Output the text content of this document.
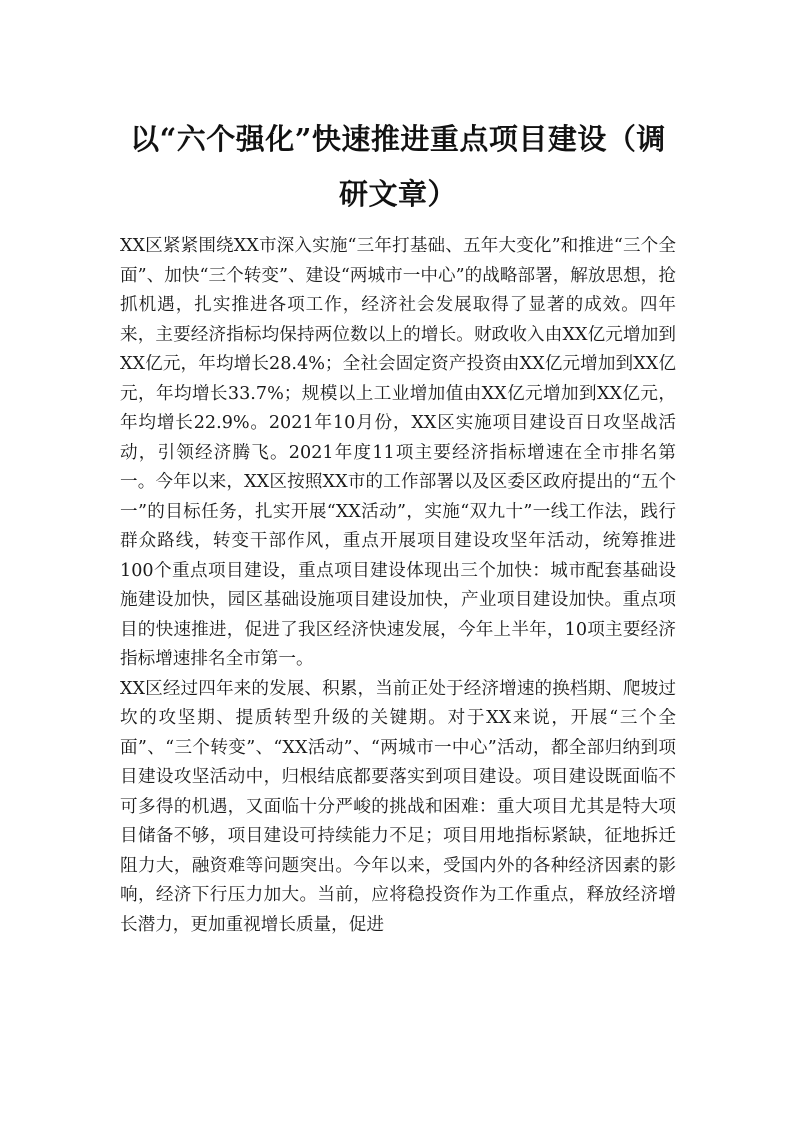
以“六个强化”快速推进重点项目建设（调研文章）

XX区紧紧围绕XX市深入实施“三年打基础、五年大变化”和推进“三个全面”、加快“三个转变”、建设“两城市一中心”的战略部署，解放思想，抢抓机遇，扎实推进各项工作，经济社会发展取得了显著的成效。四年来，主要经济指标均保持两位数以上的增长。财政收入由XX亿元增加到XX亿元，年均增长28.4%；全社会固定资产投资由XX亿元增加到XX亿元，年均增长33.7%；规模以上工业增加值由XX亿元增加到XX亿元，年均增长22.9%。2021年10月份，XX区实施项目建设百日攻坚战活动，引领经济腾飞。2021年度11项主要经济指标增速在全市排名第一。今年以来，XX区按照XX市的工作部署以及区委区政府提出的“五个一”的目标任务，扎实开展“XX活动”，实施“双九十”一线工作法，践行群众路线，转变干部作风，重点开展项目建设攻坚年活动，统筹推进100个重点项目建设，重点项目建设体现出三个加快：城市配套基础设施建设加快，园区基础设施项目建设加快，产业项目建设加快。重点项目的快速推进，促进了我区经济快速发展，今年上半年，10项主要经济指标增速排名全市第一。

XX区经过四年来的发展、积累，当前正处于经济增速的换档期、爬坡过坎的攻坚期、提质转型升级的关键期。对于XX来说，开展“三个全面”、“三个转变”、“XX活动”、“两城市一中心”活动，都全部归纳到项目建设攻坚活动中，归根结底都要落实到项目建设。项目建设既面临不可多得的机遇，又面临十分严峻的挑战和困难：重大项目尤其是特大项目储备不够，项目建设可持续能力不足；项目用地指标紧缺，征地拆迁阻力大，融资难等问题突出。今年以来，受国内外的各种经济因素的影响，经济下行压力加大。当前，应将稳投资作为工作重点，释放经济增长潜力，更加重视增长质量，促进
